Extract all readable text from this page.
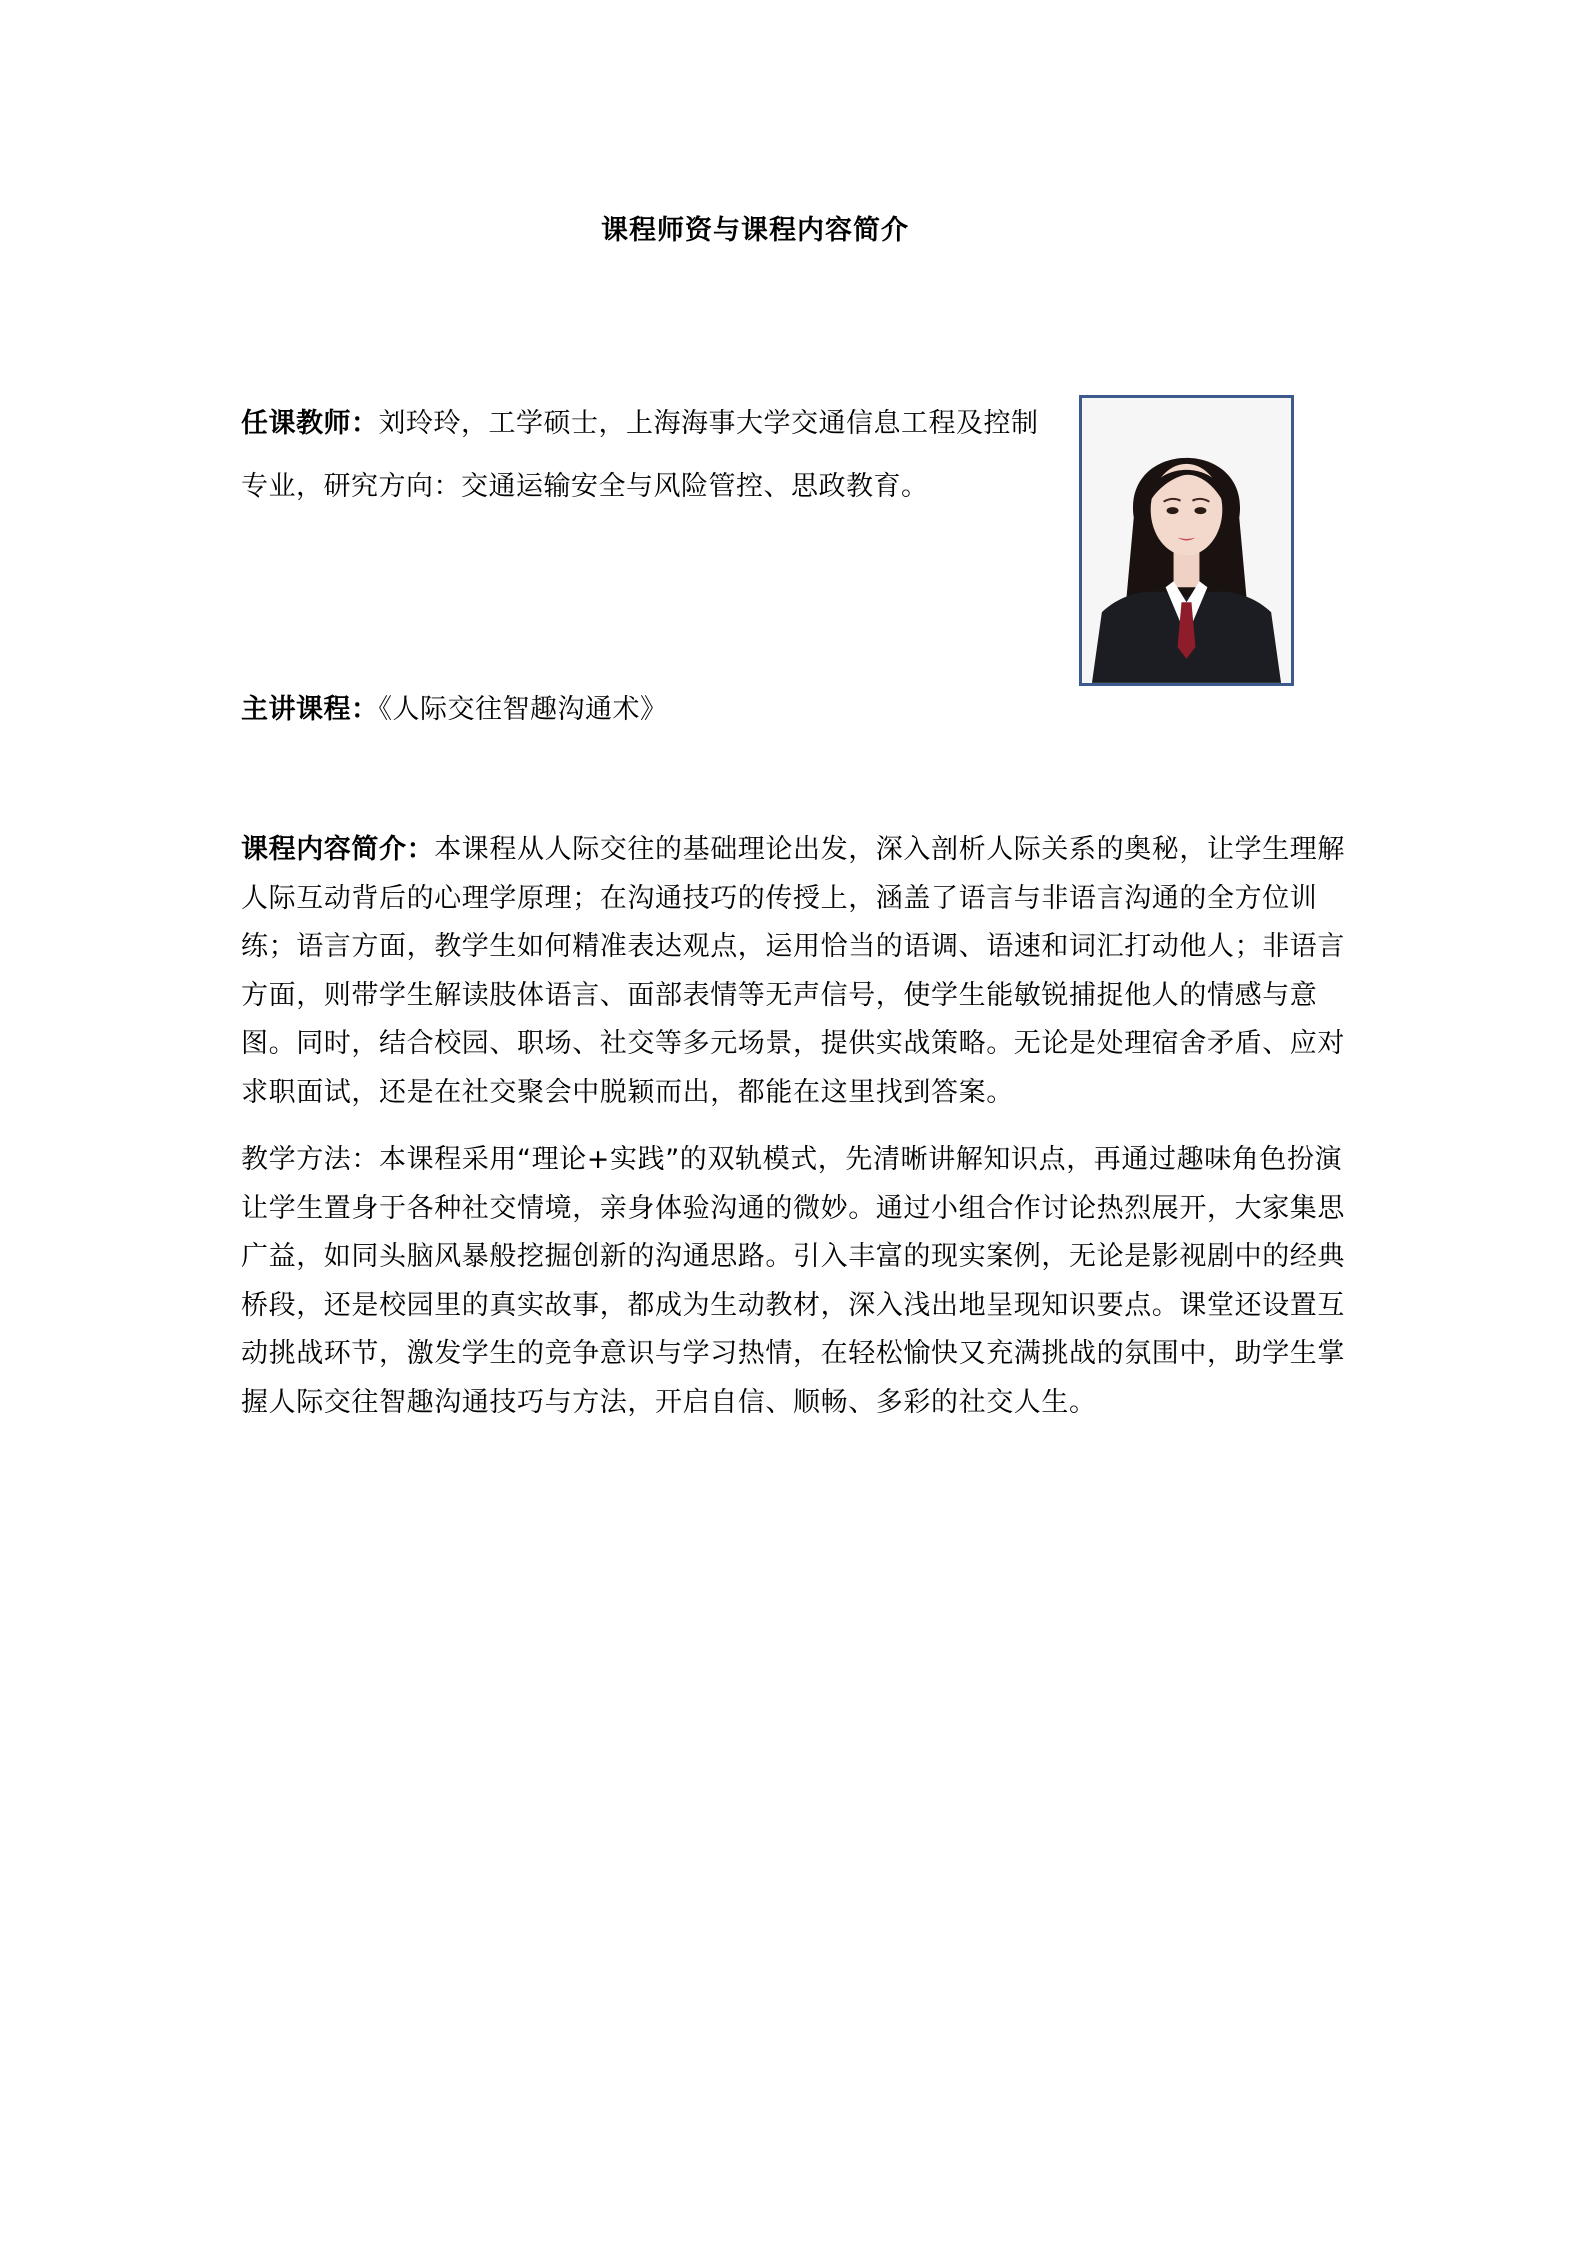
课程师资与课程内容简介
任课教师：刘玲玲，工学硕士，上海海事大学交通信息工程及控制专业，研究方向：交通运输安全与风险管控、思政教育。
主讲课程：《人际交往智趣沟通术》

课程内容简介：本课程从人际交往的基础理论出发，深入剖析人际关系的奥秘，让学生理解人际互动背后的心理学原理；在沟通技巧的传授上，涵盖了语言与非语言沟通的全方位训练；语言方面，教学生如何精准表达观点，运用恰当的语调、语速和词汇打动他人；非语言方面，则带学生解读肢体语言、面部表情等无声信号，使学生能敏锐捕捉他人的情感与意图。同时，结合校园、职场、社交等多元场景，提供实战策略。无论是处理宿舍矛盾、应对求职面试，还是在社交聚会中脱颖而出，都能在这里找到答案。

教学方法：本课程采用“理论+实践”的双轨模式，先清晰讲解知识点，再通过趣味角色扮演让学生置身于各种社交情境，亲身体验沟通的微妙。通过小组合作讨论热烈展开，大家集思广益，如同头脑风暴般挖掘创新的沟通思路。引入丰富的现实案例，无论是影视剧中的经典桥段，还是校园里的真实故事，都成为生动教材，深入浅出地呈现知识要点。课堂还设置互动挑战环节，激发学生的竞争意识与学习热情，在轻松愉快又充满挑战的氛围中，助学生掌握人际交往智趣沟通技巧与方法，开启自信、顺畅、多彩的社交人生。
